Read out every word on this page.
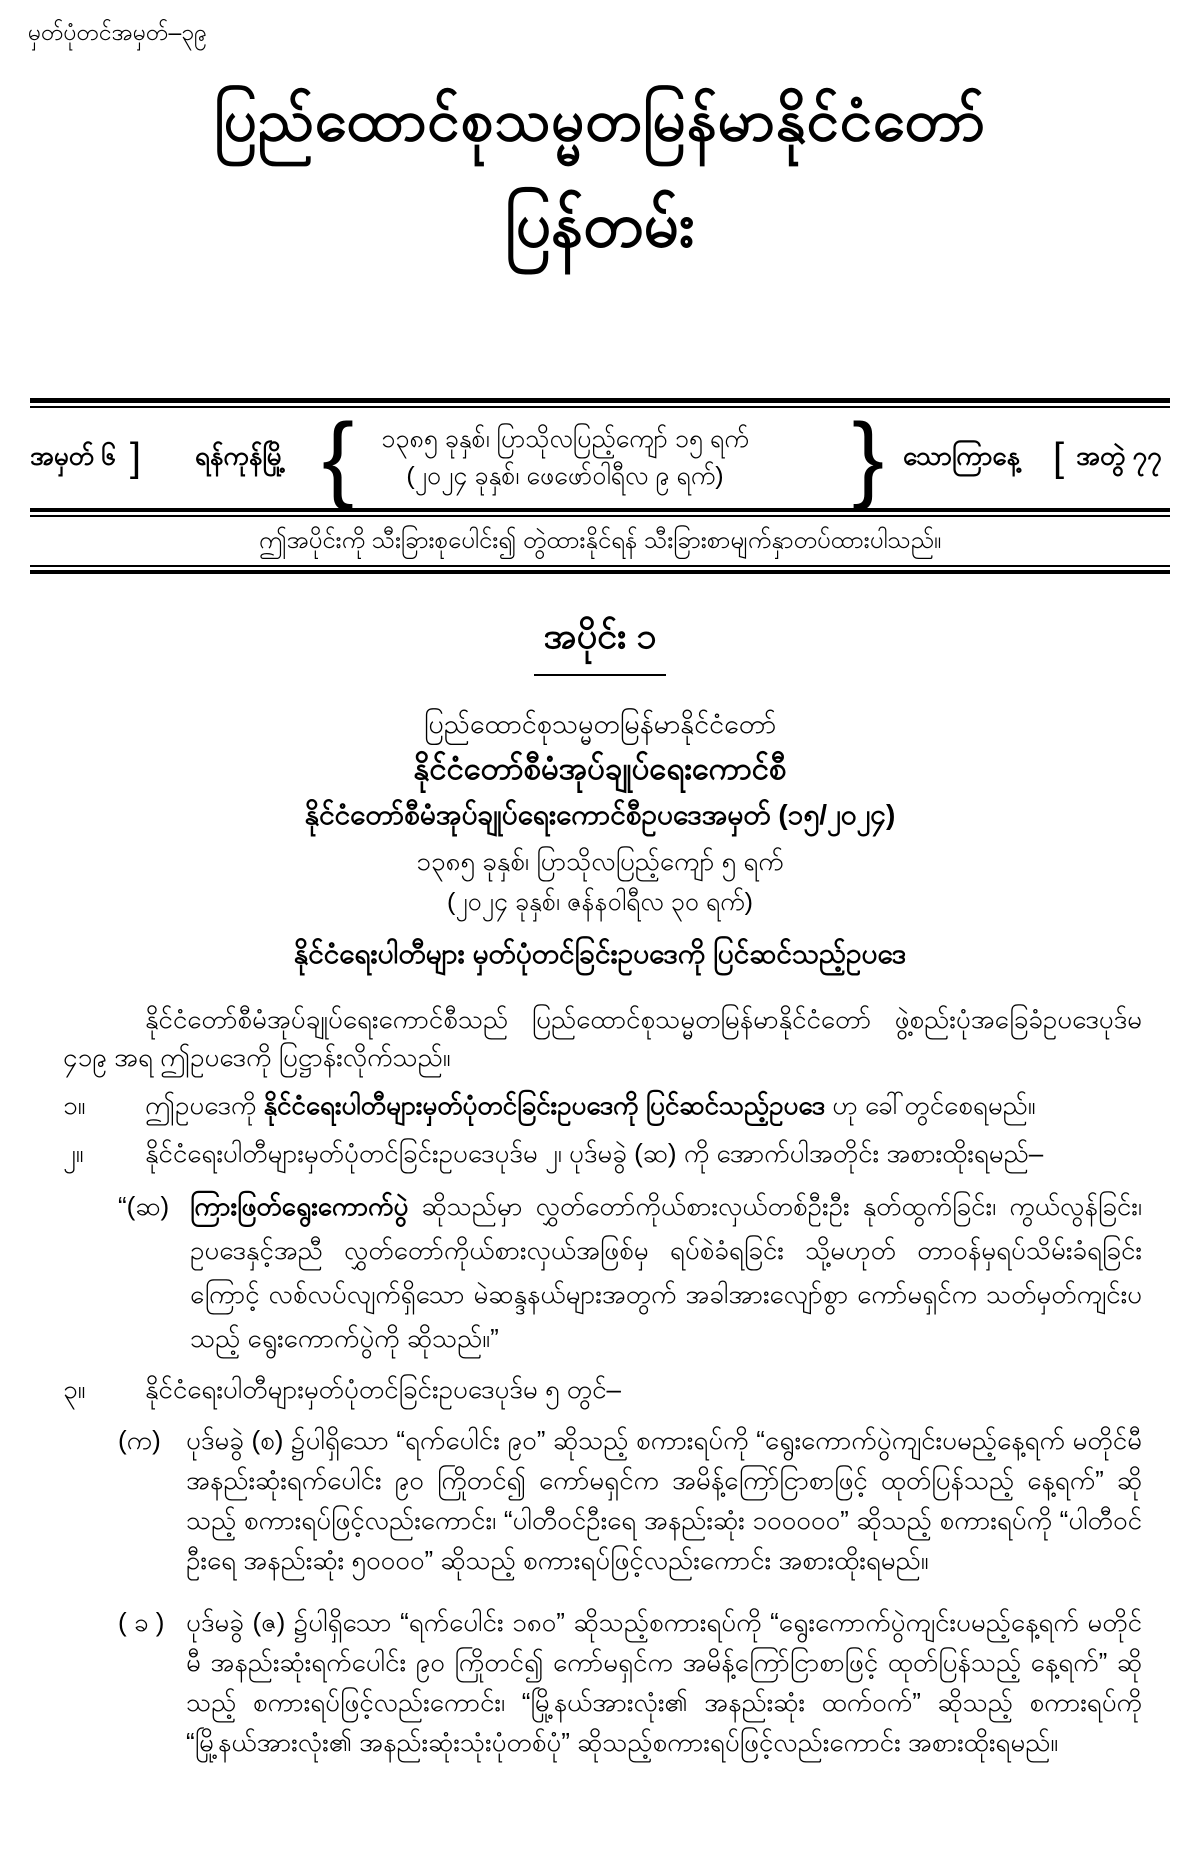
မှတ်ပုံတင်အမှတ်–၃၉
ပြည်ထောင်စုသမ္မတမြန်မာနိုင်ငံတော်
ပြန်တမ်း
အမှတ် ၆ ] ရန်ကုန်မြို့ {	၁၃၈၅ ခုနှစ်၊ ပြာသိုလပြည့်ကျော် ၁၅ ရက်
(၂၀၂၄ ခုနှစ်၊ ဖေဖော်ဝါရီလ ၉ ရက်)	} သောကြာနေ့ [ အတွဲ ၇၇
ဤအပိုင်းကို သီးခြားစုပေါင်း၍ တွဲထားနိုင်ရန် သီးခြားစာမျက်နှာတပ်ထားပါသည်။
အပိုင်း ၁
ပြည်ထောင်စုသမ္မတမြန်မာနိုင်ငံတော်
နိုင်ငံတော်စီမံအုပ်ချုပ်ရေးကောင်စီ
နိုင်ငံတော်စီမံအုပ်ချုပ်ရေးကောင်စီဥပဒေအမှတ် (၁၅/၂၀၂၄)
၁၃၈၅ ခုနှစ်၊ ပြာသိုလပြည့်ကျော် ၅ ရက်
(၂၀၂၄ ခုနှစ်၊ ဇန်နဝါရီလ ၃၀ ရက်)
နိုင်ငံရေးပါတီများ မှတ်ပုံတင်ခြင်းဥပဒေကို ပြင်ဆင်သည့်ဥပဒေ
နိုင်ငံတော်စီမံအုပ်ချုပ်ရေးကောင်စီသည် ပြည်ထောင်စုသမ္မတမြန်မာနိုင်ငံတော် ဖွဲ့စည်းပုံအခြေခံဥပဒေပုဒ်မ ၄၁၉ အရ ဤဥပဒေကို ပြဋ္ဌာန်းလိုက်သည်။
၁။	ဤဥပဒေကို နိုင်ငံရေးပါတီများမှတ်ပုံတင်ခြင်းဥပဒေကို ပြင်ဆင်သည့်ဥပဒေ ဟု ခေါ်တွင်စေရမည်။
၂။	နိုင်ငံရေးပါတီများမှတ်ပုံတင်ခြင်းဥပဒေပုဒ်မ ၂၊ ပုဒ်မခွဲ (ဆ) ကို အောက်ပါအတိုင်း အစားထိုးရမည်–
“(ဆ) ကြားဖြတ်ရွေးကောက်ပွဲ ဆိုသည်မှာ လွှတ်တော်ကိုယ်စားလှယ်တစ်ဦးဦး နုတ်ထွက်ခြင်း၊ ကွယ်လွန်ခြင်း၊ ဥပဒေနှင့်အညီ လွှတ်တော်ကိုယ်စားလှယ်အဖြစ်မှ ရပ်စဲခံရခြင်း သို့မဟုတ် တာဝန်မှရပ်သိမ်းခံရခြင်းကြောင့် လစ်လပ်လျက်ရှိသော မဲဆန္ဒနယ်များအတွက် အခါအားလျော်စွာ ကော်မရှင်က သတ်မှတ်ကျင်းပသည့် ရွေးကောက်ပွဲကို ဆိုသည်။”
၃။	နိုင်ငံရေးပါတီများမှတ်ပုံတင်ခြင်းဥပဒေပုဒ်မ ၅ တွင်–
(က) ပုဒ်မခွဲ (စ) ၌ပါရှိသော “ရက်ပေါင်း ၉၀” ဆိုသည့် စကားရပ်ကို “ရွေးကောက်ပွဲကျင်းပမည့်နေ့ရက် မတိုင်မီ အနည်းဆုံးရက်ပေါင်း ၉၀ ကြိုတင်၍ ကော်မရှင်က အမိန့်ကြော်ငြာစာဖြင့် ထုတ်ပြန်သည့် နေ့ရက်” ဆိုသည့် စကားရပ်ဖြင့်လည်းကောင်း၊ “ပါတီဝင်ဦးရေ အနည်းဆုံး ၁၀၀၀၀၀” ဆိုသည့် စကားရပ်ကို “ပါတီဝင်ဦးရေ အနည်းဆုံး ၅၀၀၀၀” ဆိုသည့် စကားရပ်ဖြင့်လည်းကောင်း အစားထိုးရမည်။
( ခ ) ပုဒ်မခွဲ (ဇ) ၌ပါရှိသော “ရက်ပေါင်း ၁၈၀” ဆိုသည့်စကားရပ်ကို “ရွေးကောက်ပွဲကျင်းပမည့်နေ့ရက် မတိုင်မီ အနည်းဆုံးရက်ပေါင်း ၉၀ ကြိုတင်၍ ကော်မရှင်က အမိန့်ကြော်ငြာစာဖြင့် ထုတ်ပြန်သည့် နေ့ရက်” ဆိုသည့် စကားရပ်ဖြင့်လည်းကောင်း၊ “မြို့နယ်အားလုံး၏ အနည်းဆုံး ထက်ဝက်” ဆိုသည့် စကားရပ်ကို “မြို့နယ်အားလုံး၏ အနည်းဆုံးသုံးပုံတစ်ပုံ” ဆိုသည့်စကားရပ်ဖြင့်လည်းကောင်း အစားထိုးရမည်။
